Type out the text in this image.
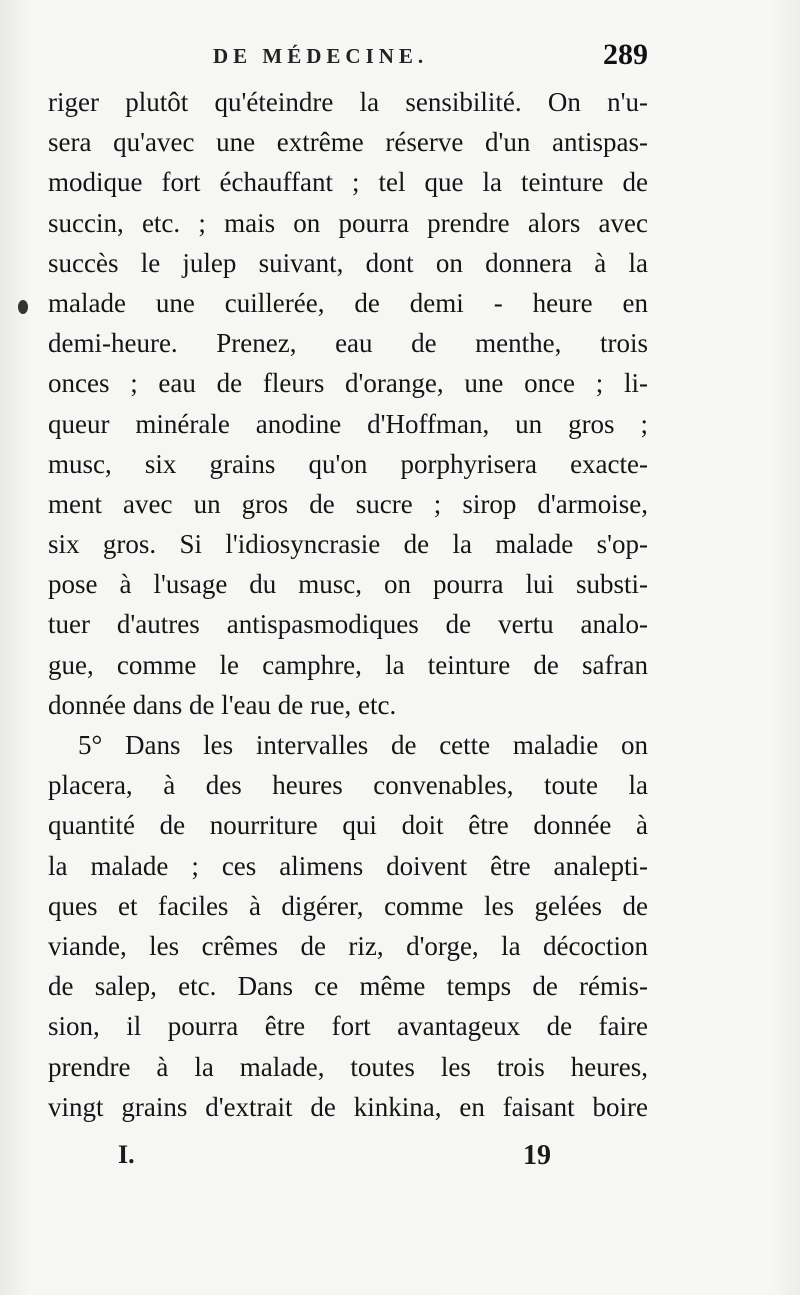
DE MÉDECINE.	289
riger plutôt qu'éteindre la sensibilité. On n'u-
sera qu'avec une extrême réserve d'un antispas-
modique fort échauffant ; tel que la teinture de
succin, etc. ; mais on pourra prendre alors avec
succès le julep suivant, dont on donnera à la
malade une cuillerée, de demi - heure en
demi-heure. Prenez, eau de menthe, trois
onces ; eau de fleurs d'orange, une once ; li-
queur minérale anodine d'Hoffman, un gros ;
musc, six grains qu'on porphyrisera exacte-
ment avec un gros de sucre ; sirop d'armoise,
six gros. Si l'idiosyncrasie de la malade s'op-
pose à l'usage du musc, on pourra lui substi-
tuer d'autres antispasmodiques de vertu analo-
gue, comme le camphre, la teinture de safran
donnée dans de l'eau de rue, etc.
5° Dans les intervalles de cette maladie on
placera, à des heures convenables, toute la
quantité de nourriture qui doit être donnée à
la malade ; ces alimens doivent être analepti-
ques et faciles à digérer, comme les gelées de
viande, les crêmes de riz, d'orge, la décoction
de salep, etc. Dans ce même temps de rémis-
sion, il pourra être fort avantageux de faire
prendre à la malade, toutes les trois heures,
vingt grains d'extrait de kinkina, en faisant boire
I.	19
